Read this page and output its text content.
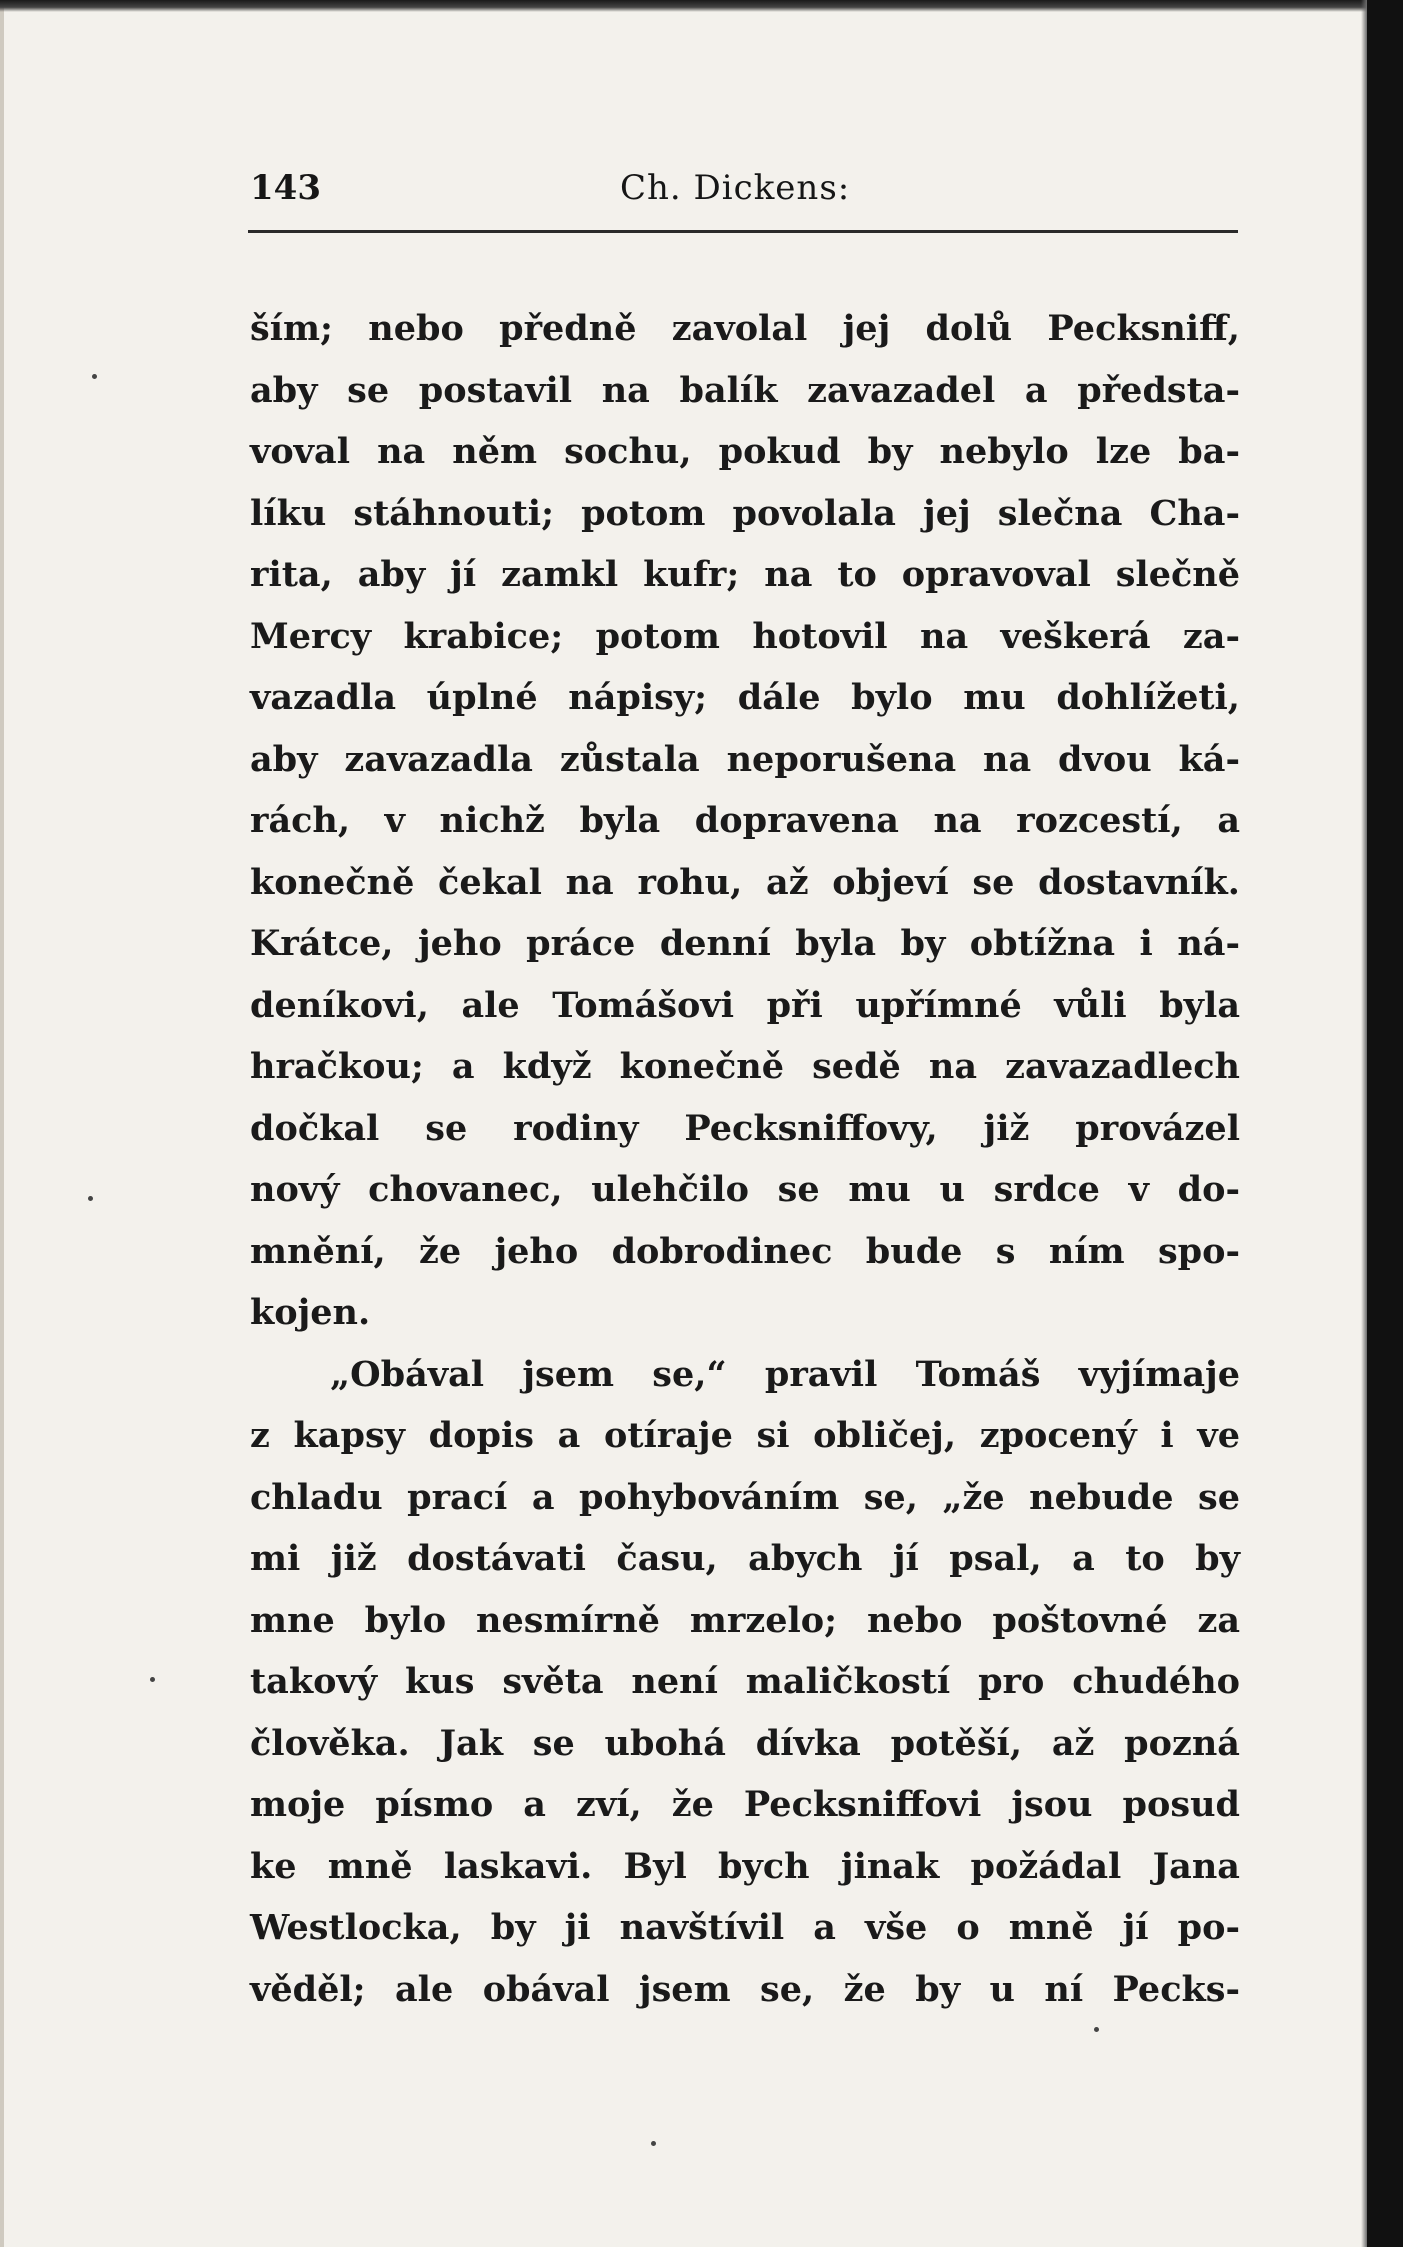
143	Ch. Dickens:
ším; nebo předně zavolal jej dolů Pecksniff,
aby se postavil na balík zavazadel a předsta-
voval na něm sochu, pokud by nebylo lze ba-
líku stáhnouti; potom povolala jej slečna Cha-
rita, aby jí zamkl kufr; na to opravoval slečně
Mercy krabice; potom hotovil na veškerá za-
vazadla úplné nápisy; dále bylo mu dohlížeti,
aby zavazadla zůstala neporušena na dvou ká-
rách, v nichž byla dopravena na rozcestí, a
konečně čekal na rohu, až objeví se dostavník.
Krátce, jeho práce denní byla by obtížna i ná-
deníkovi, ale Tomášovi při upřímné vůli byla
hračkou; a když konečně sedě na zavazadlech
dočkal se rodiny Pecksniffovy, již provázel
nový chovanec, ulehčilo se mu u srdce v do-
mnění, že jeho dobrodinec bude s ním spo-
kojen.
„Obával jsem se,“ pravil Tomáš vyjímaje
z kapsy dopis a otíraje si obličej, zpocený i ve
chladu prací a pohybováním se, „že nebude se
mi již dostávati času, abych jí psal, a to by
mne bylo nesmírně mrzelo; nebo poštovné za
takový kus světa není maličkostí pro chudého
člověka. Jak se ubohá dívka potěší, až pozná
moje písmo a zví, že Pecksniffovi jsou posud
ke mně laskavi. Byl bych jinak požádal Jana
Westlocka, by ji navštívil a vše o mně jí po-
věděl; ale obával jsem se, že by u ní Pecks-
